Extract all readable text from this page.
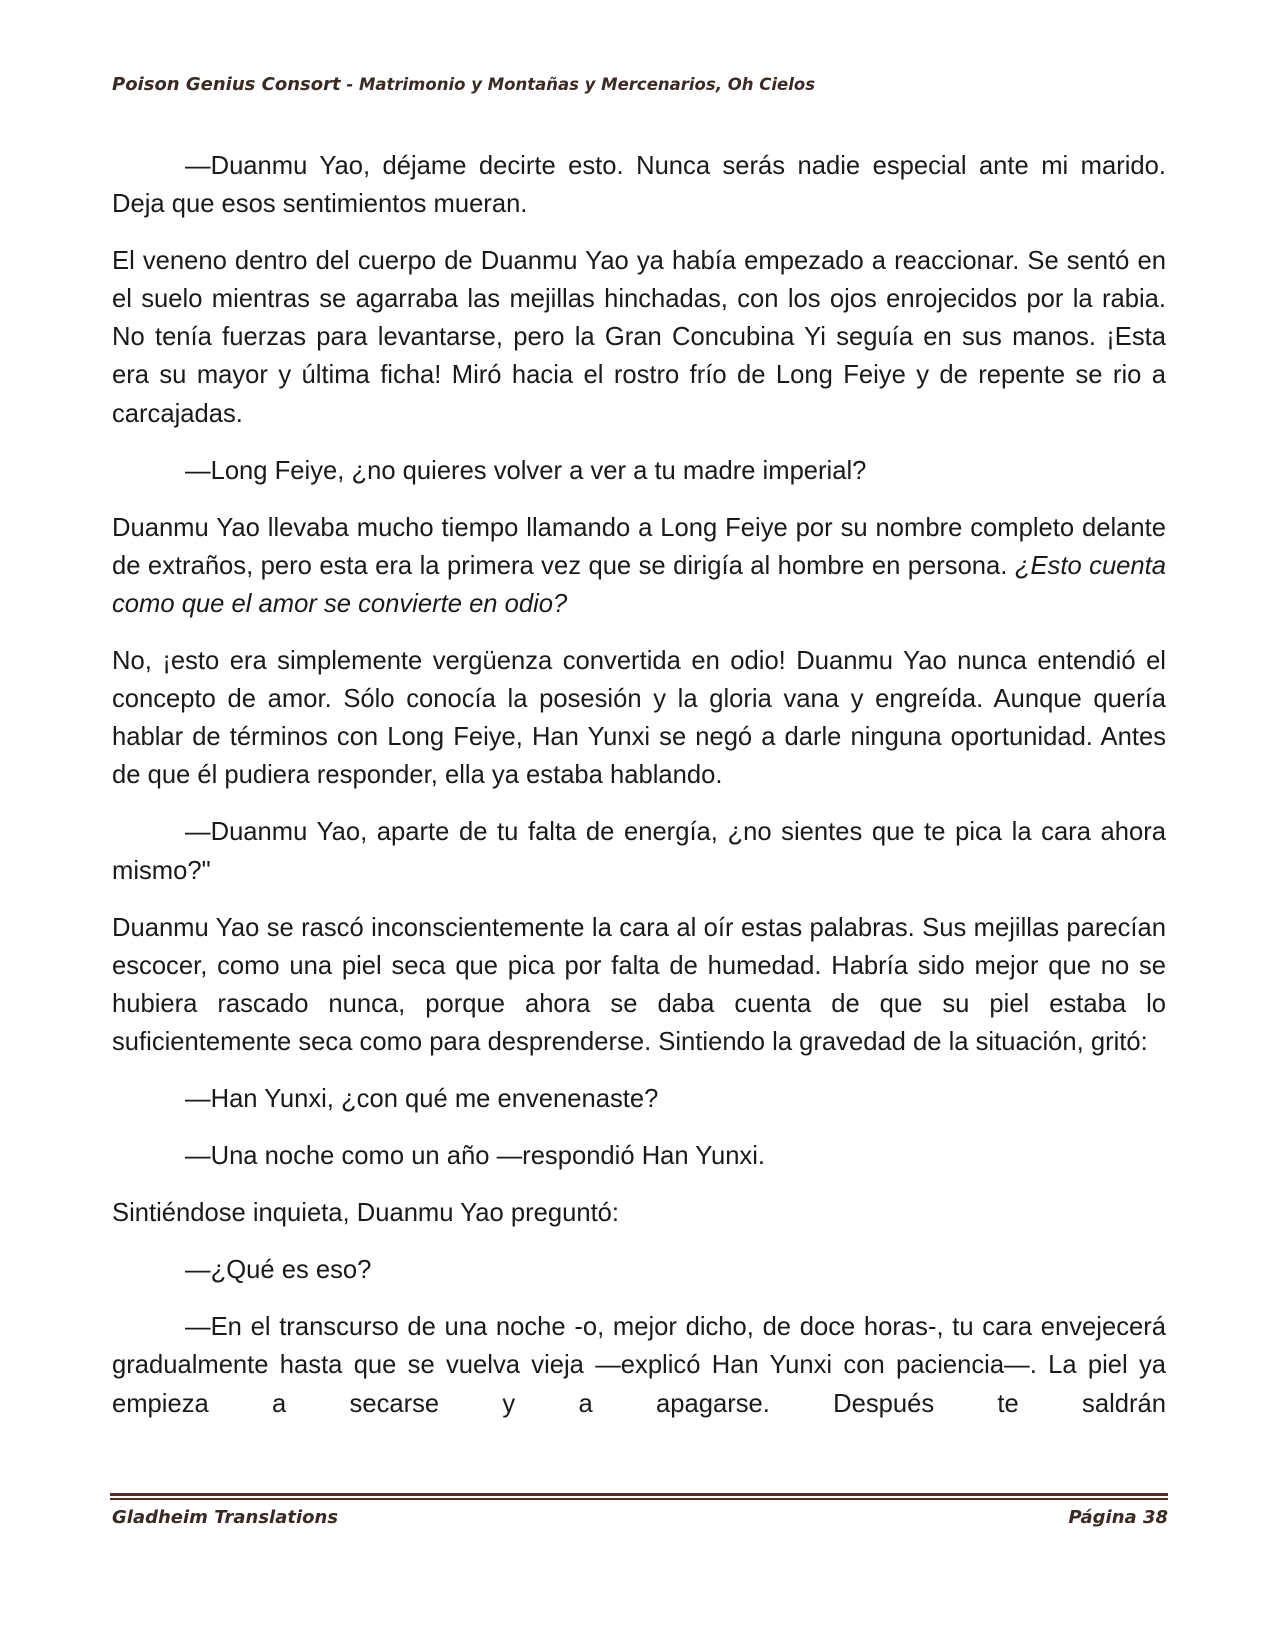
Poison Genius Consort - Matrimonio y Montañas y Mercenarios, Oh Cielos

—Duanmu Yao, déjame decirte esto. Nunca serás nadie especial ante mi marido. Deja que esos sentimientos mueran.

El veneno dentro del cuerpo de Duanmu Yao ya había empezado a reaccionar. Se sentó en el suelo mientras se agarraba las mejillas hinchadas, con los ojos enrojecidos por la rabia. No tenía fuerzas para levantarse, pero la Gran Concubina Yi seguía en sus manos. ¡Esta era su mayor y última ficha! Miró hacia el rostro frío de Long Feiye y de repente se rio a carcajadas.

—Long Feiye, ¿no quieres volver a ver a tu madre imperial?

Duanmu Yao llevaba mucho tiempo llamando a Long Feiye por su nombre completo delante de extraños, pero esta era la primera vez que se dirigía al hombre en persona. ¿Esto cuenta como que el amor se convierte en odio?

No, ¡esto era simplemente vergüenza convertida en odio! Duanmu Yao nunca entendió el concepto de amor. Sólo conocía la posesión y la gloria vana y engreída. Aunque quería hablar de términos con Long Feiye, Han Yunxi se negó a darle ninguna oportunidad. Antes de que él pudiera responder, ella ya estaba hablando.

—Duanmu Yao, aparte de tu falta de energía, ¿no sientes que te pica la cara ahora mismo?"

Duanmu Yao se rascó inconscientemente la cara al oír estas palabras. Sus mejillas parecían escocer, como una piel seca que pica por falta de humedad. Habría sido mejor que no se hubiera rascado nunca, porque ahora se daba cuenta de que su piel estaba lo suficientemente seca como para desprenderse. Sintiendo la gravedad de la situación, gritó:

—Han Yunxi, ¿con qué me envenenaste?

—Una noche como un año —respondió Han Yunxi.

Sintiéndose inquieta, Duanmu Yao preguntó:

—¿Qué es eso?

—En el transcurso de una noche -o, mejor dicho, de doce horas-, tu cara envejecerá gradualmente hasta que se vuelva vieja —explicó Han Yunxi con paciencia—. La piel ya empieza a secarse y a apagarse. Después te saldrán

Gladheim Translations	Página 38
